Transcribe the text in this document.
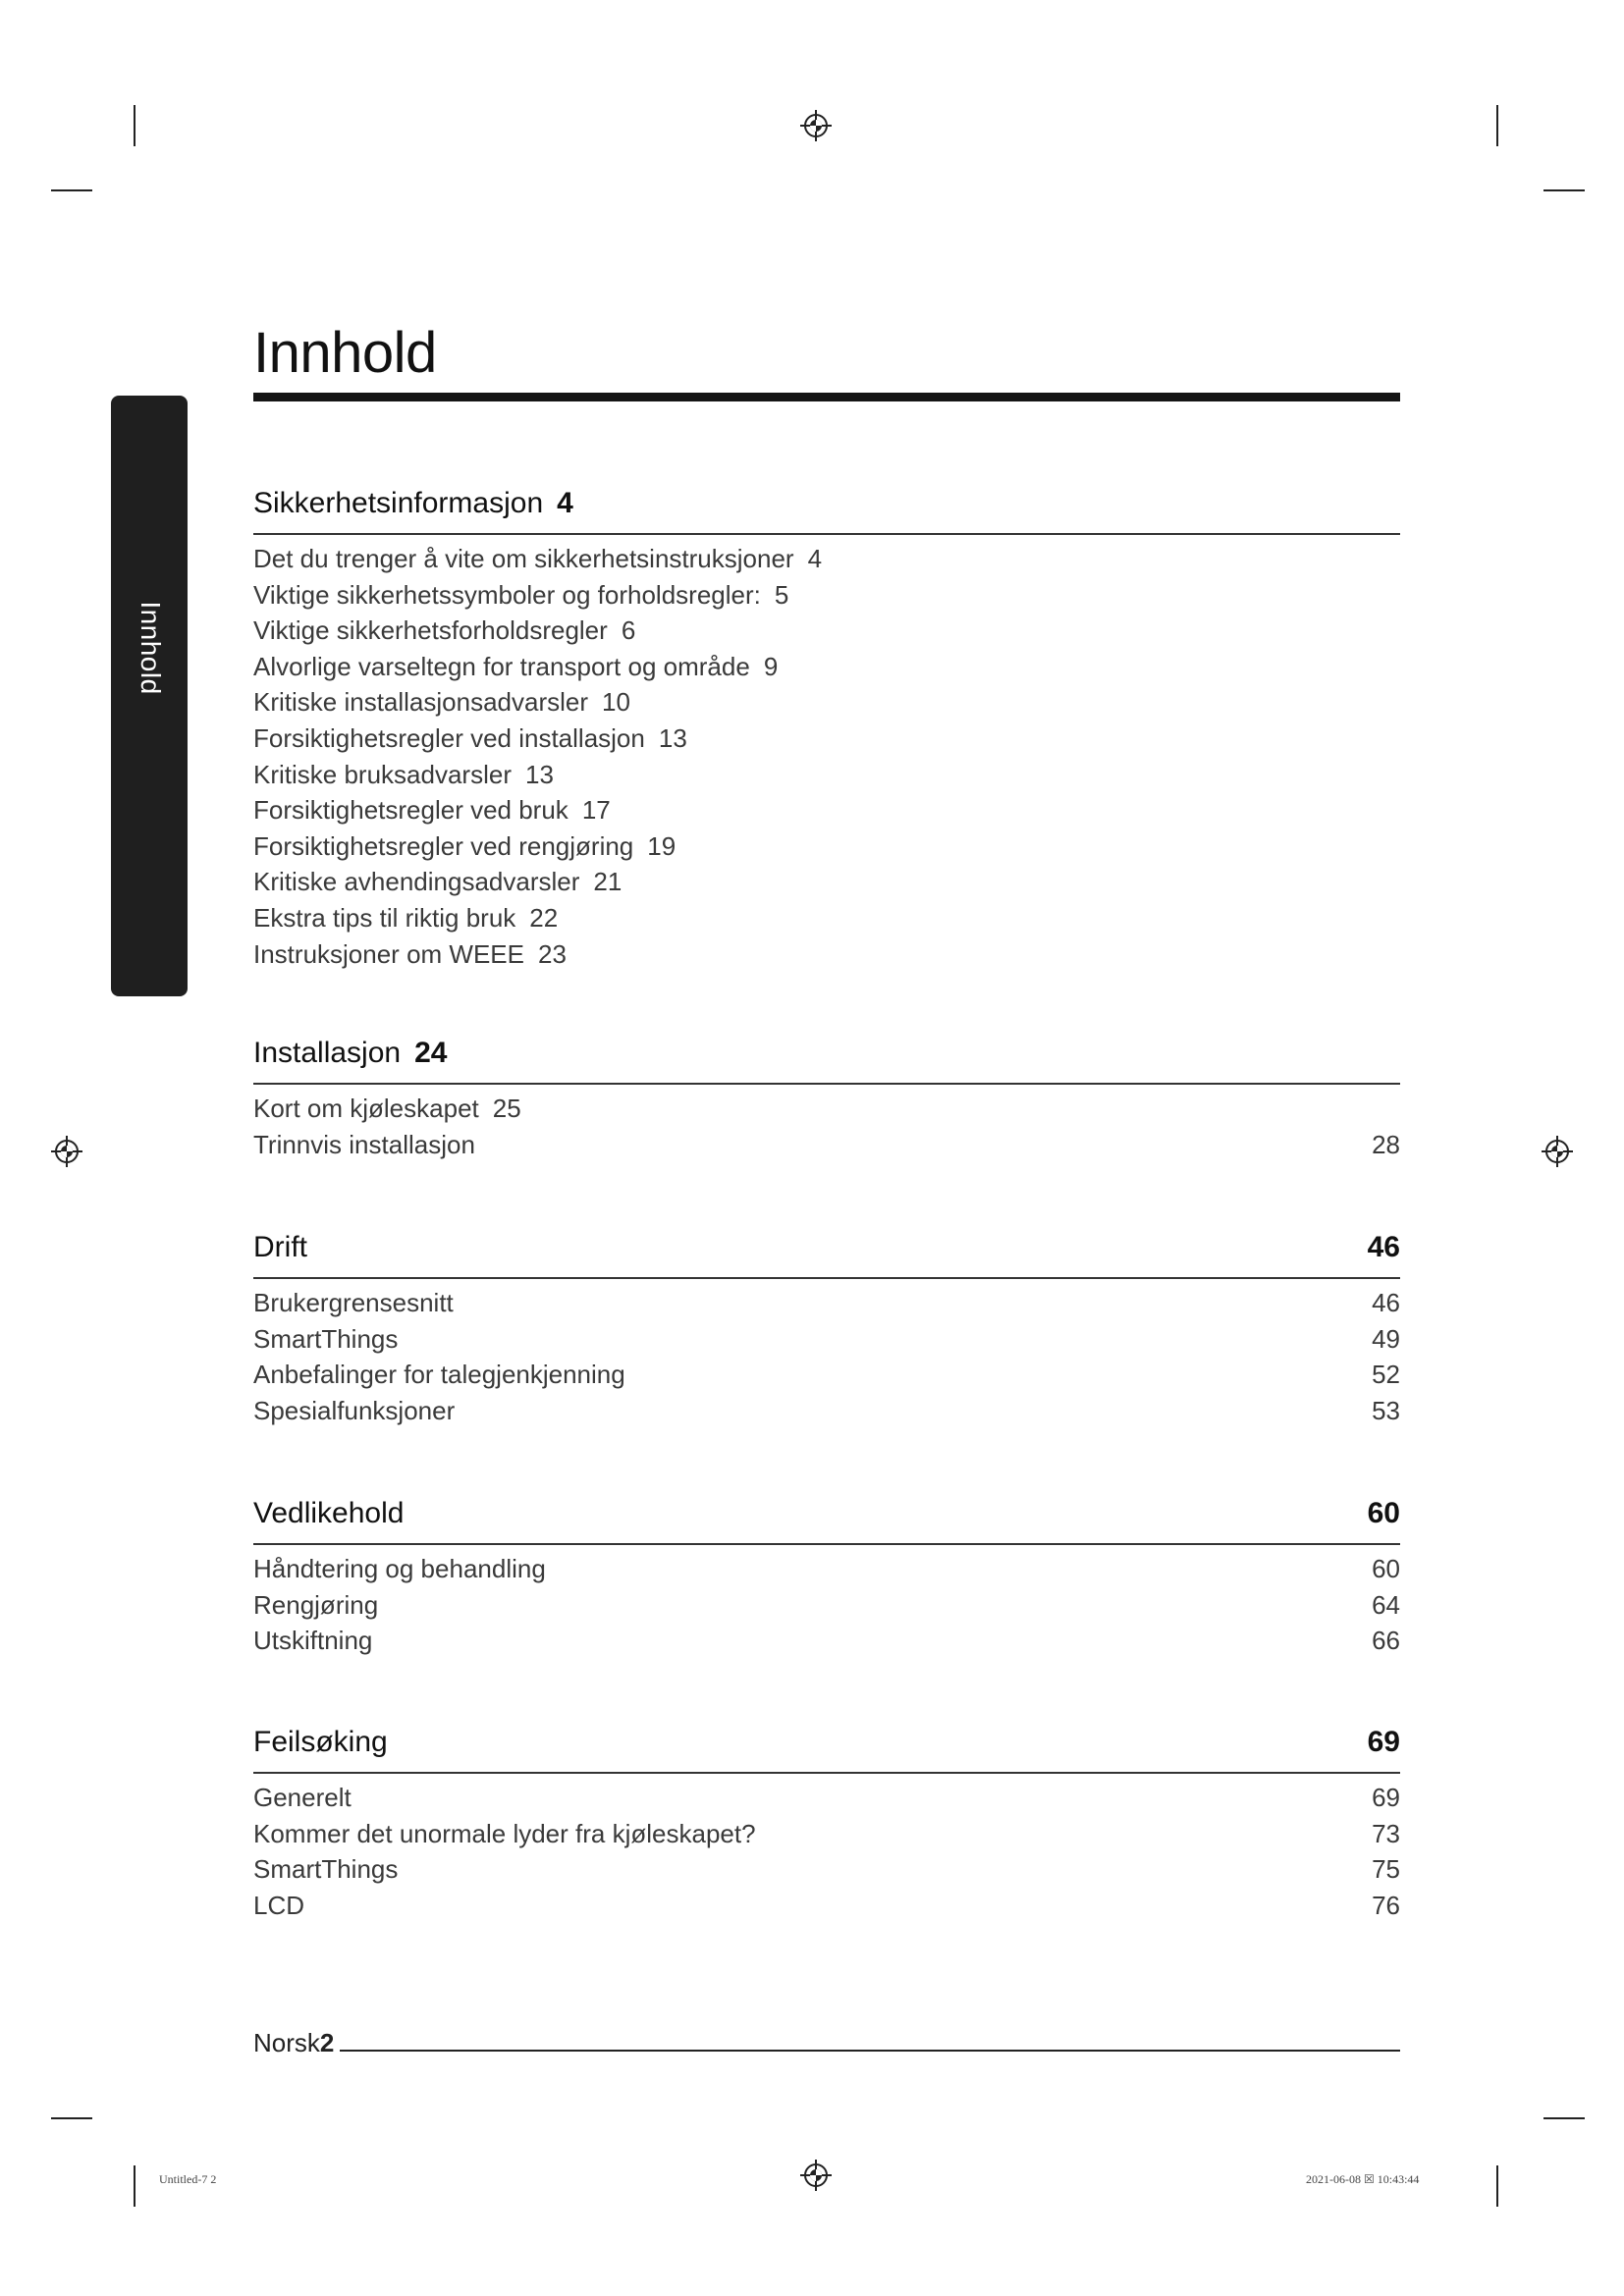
Innhold
Innhold
Sikkerhetsinformasjon 4
Det du trenger å vite om sikkerhetsinstruksjoner 4
Viktige sikkerhetssymboler og forholdsregler: 5
Viktige sikkerhetsforholdsregler 6
Alvorlige varseltegn for transport og område 9
Kritiske installasjonsadvarsler 10
Forsiktighetsregler ved installasjon 13
Kritiske bruksadvarsler 13
Forsiktighetsregler ved bruk 17
Forsiktighetsregler ved rengjøring 19
Kritiske avhendingsadvarsler 21
Ekstra tips til riktig bruk 22
Instruksjoner om WEEE 23
Installasjon 24
Kort om kjøleskapet 25
Trinnvis installasjon	28
Drift	46
Brukergrensesnitt	46
SmartThings	49
Anbefalinger for talegjenkjenning	52
Spesialfunksjoner	53
Vedlikehold	60
Håndtering og behandling	60
Rengjøring	64
Utskiftning	66
Feilsøking	69
Generelt	69
Kommer det unormale lyder fra kjøleskapet?	73
SmartThings	75
LCD	76
Norsk2
Untitled-7 2	2021-06-08 ☒ 10:43:44
